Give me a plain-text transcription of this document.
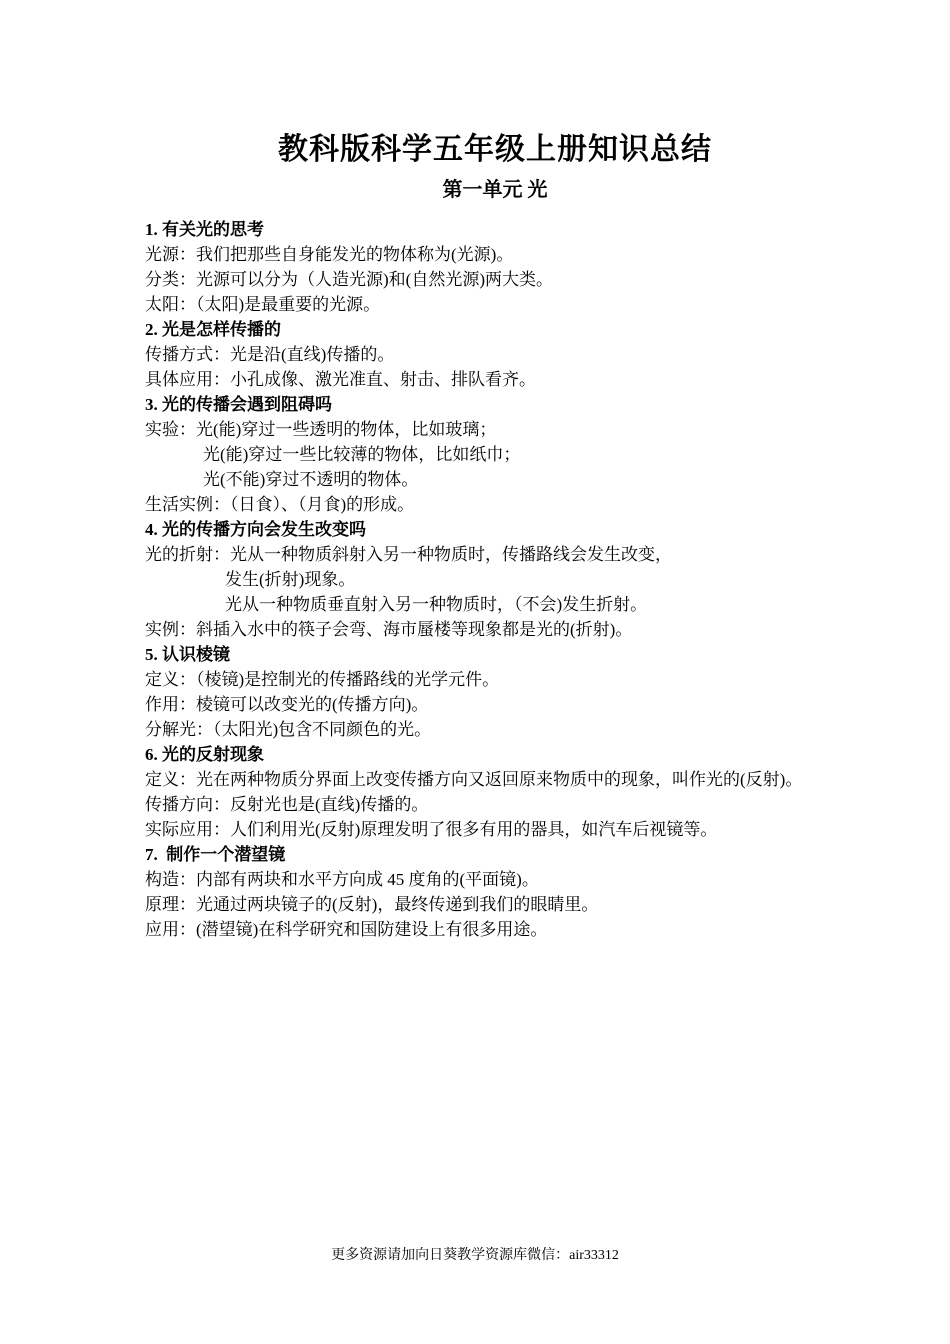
教科版科学五年级上册知识总结
第一单元 光
1. 有关光的思考
光源：我们把那些自身能发光的物体称为(光源)。
分类：光源可以分为（人造光源)和(自然光源)两大类。
太阳：（太阳)是最重要的光源。
2. 光是怎样传播的
传播方式：光是沿(直线)传播的。
具体应用：小孔成像、激光准直、射击、排队看齐。
3. 光的传播会遇到阻碍吗
实验：光(能)穿过一些透明的物体，比如玻璃；
光(能)穿过一些比较薄的物体，比如纸巾；
光(不能)穿过不透明的物体。
生活实例：（日食）、（月食)的形成。
4. 光的传播方向会发生改变吗
光的折射：光从一种物质斜射入另一种物质时，传播路线会发生改变，
发生(折射)现象。
光从一种物质垂直射入另一种物质时，（不会)发生折射。
实例：斜插入水中的筷子会弯、海市蜃楼等现象都是光的(折射)。
5. 认识棱镜
定义：（棱镜)是控制光的传播路线的光学元件。
作用：棱镜可以改变光的(传播方向)。
分解光：（太阳光)包含不同颜色的光。
6. 光的反射现象
定义：光在两种物质分界面上改变传播方向又返回原来物质中的现象，叫作光的(反射)。
传播方向：反射光也是(直线)传播的。
实际应用：人们利用光(反射)原理发明了很多有用的器具，如汽车后视镜等。
7.  制作一个潜望镜
构造：内部有两块和水平方向成 45 度角的(平面镜)。
原理：光通过两块镜子的(反射)，最终传递到我们的眼睛里。
应用：(潜望镜)在科学研究和国防建设上有很多用途。
更多资源请加向日葵教学资源库微信：air33312
